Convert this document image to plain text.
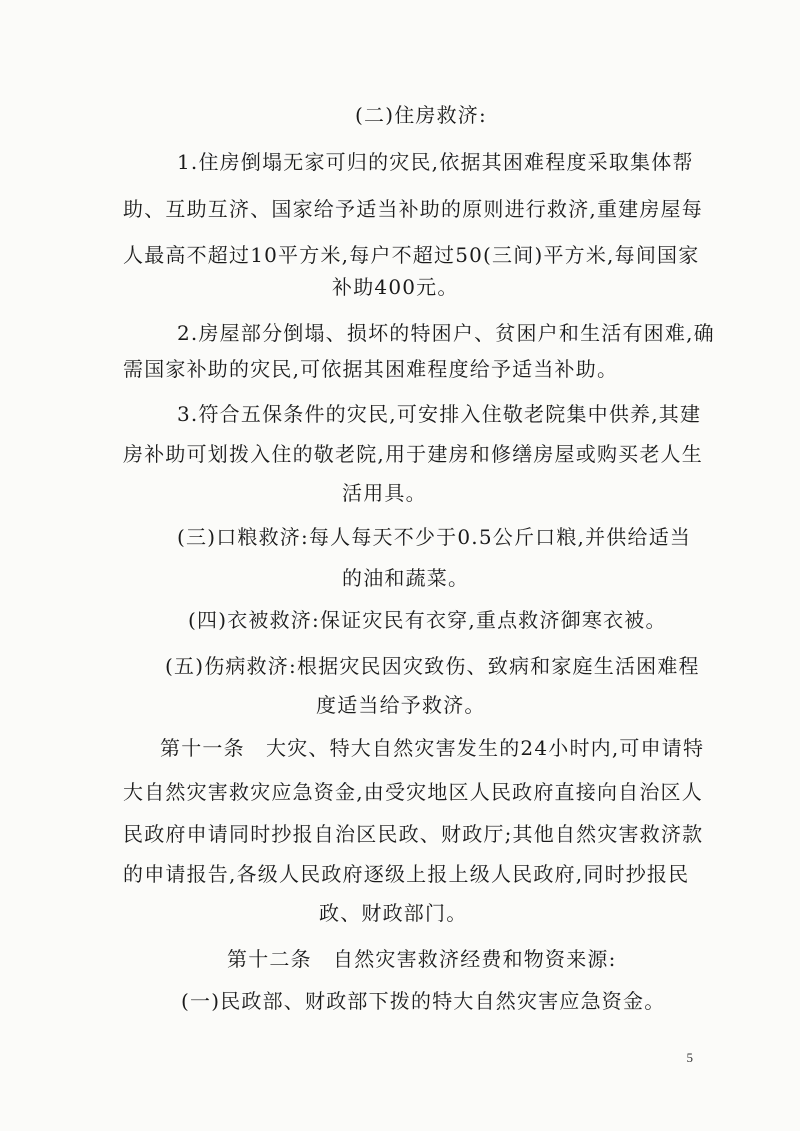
(二)住房救济:
1.住房倒塌无家可归的灾民,依据其困难程度采取集体帮
助、互助互济、国家给予适当补助的原则进行救济,重建房屋每
人最高不超过10平方米,每户不超过50(三间)平方米,每间国家
补助400元。
2.房屋部分倒塌、损坏的特困户、贫困户和生活有困难,确
需国家补助的灾民,可依据其困难程度给予适当补助。
3.符合五保条件的灾民,可安排入住敬老院集中供养,其建
房补助可划拨入住的敬老院,用于建房和修缮房屋或购买老人生
活用具。
(三)口粮救济:每人每天不少于0.5公斤口粮,并供给适当
的油和蔬菜。
(四)衣被救济:保证灾民有衣穿,重点救济御寒衣被。
(五)伤病救济:根据灾民因灾致伤、致病和家庭生活困难程
度适当给予救济。
第十一条　大灾、特大自然灾害发生的24小时内,可申请特
大自然灾害救灾应急资金,由受灾地区人民政府直接向自治区人
民政府申请同时抄报自治区民政、财政厅;其他自然灾害救济款
的申请报告,各级人民政府逐级上报上级人民政府,同时抄报民
政、财政部门。
第十二条　自然灾害救济经费和物资来源:
(一)民政部、财政部下拨的特大自然灾害应急资金。
5
